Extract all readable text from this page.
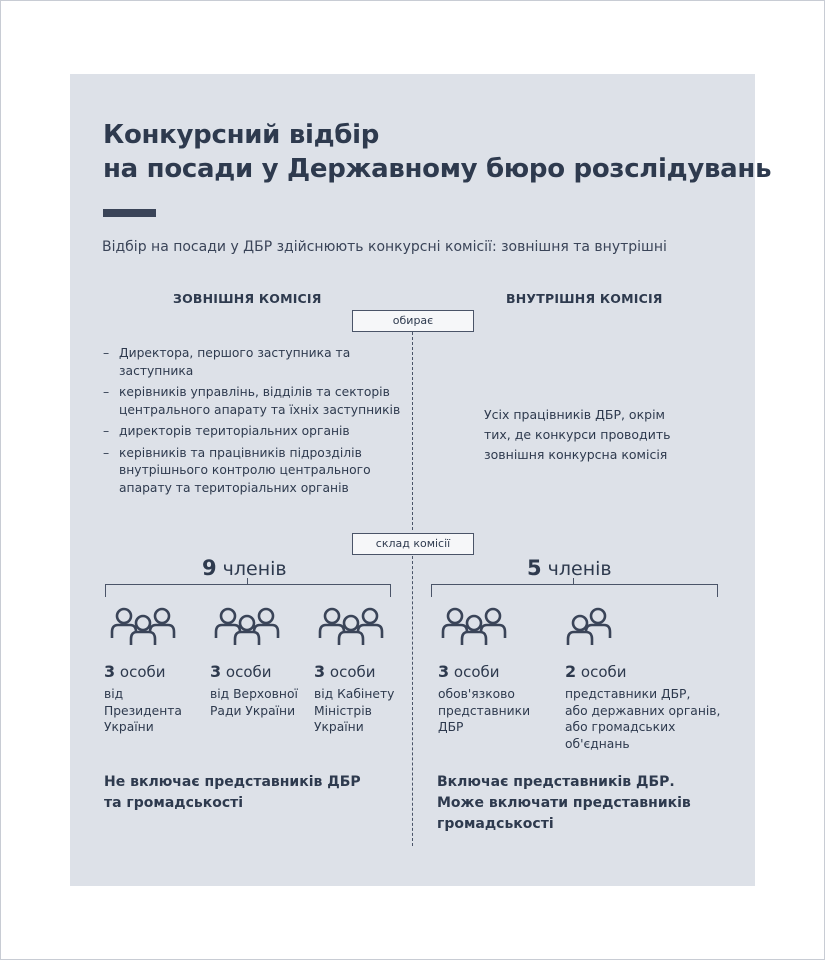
Конкурсний відбір
на посади у Державному бюро розслідувань
Відбір на посади у ДБР здійснюють конкурсні комісії: зовнішня та внутрішні
ЗОВНІШНЯ КОМІСІЯ	ВНУТРІШНЯ КОМІСІЯ
обирає
– Директора, першого заступника та заступника
– керівників управлінь, відділів та секторів центрального апарату та їхніх заступників
– директорів територіальних органів
– керівників та працівників підрозділів внутрішнього контролю центрального апарату та територіальних органів
Усіх працівників ДБР, окрім
тих, де конкурси проводить
зовнішня конкурсна комісія
склад комісії
9 членів	5 членів
3 особи
від
Президента
України
3 особи
від Верховної
Ради України
3 особи
від Кабінету
Міністрів
України
3 особи
обов'язково
представники
ДБР
2 особи
представники ДБР,
або державних органів,
або громадських
об'єднань
Не включає представників ДБР
та громадськості
Включає представників ДБР.
Може включати представників
громадськості
